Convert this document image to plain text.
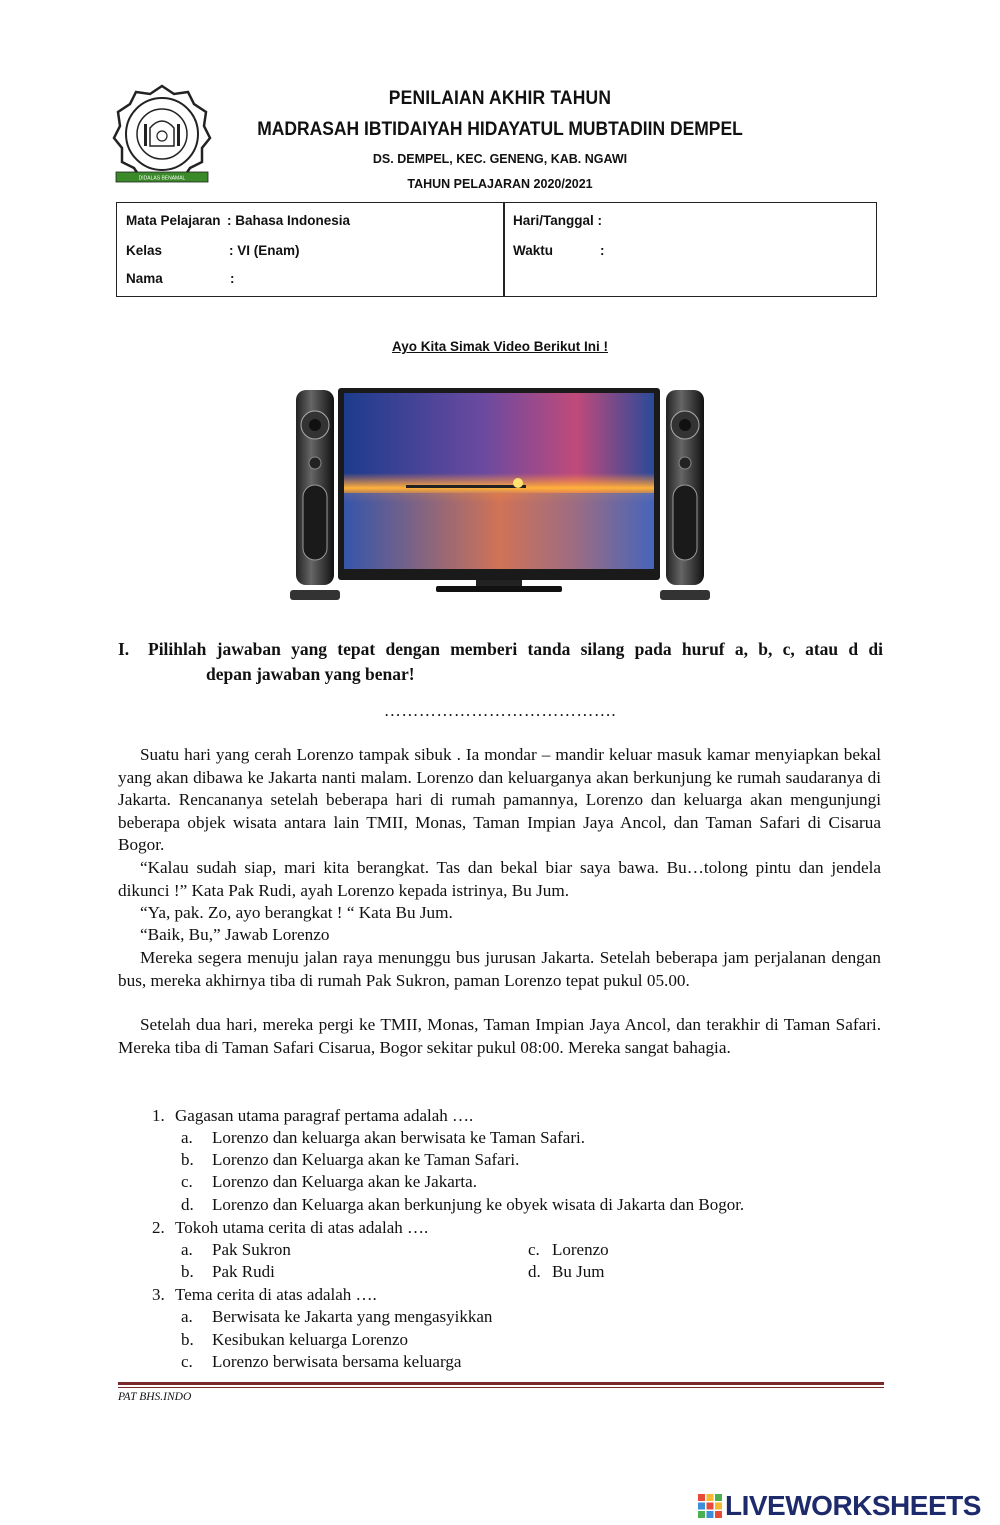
DIDALAS BENAMAL
PENILAIAN AKHIR TAHUN
MADRASAH IBTIDAIYAH HIDAYATUL MUBTADIIN DEMPEL
DS. DEMPEL, KEC. GENENG, KAB. NGAWI
TAHUN PELAJARAN 2020/2021
Mata Pelajaran : Bahasa Indonesia
Kelas	: VI (Enam)
Nama	:
Hari/Tanggal :
Waktu	:
Ayo Kita Simak Video Berikut Ini !
I. Pilihlah jawaban yang tepat dengan memberi tanda silang pada huruf a, b, c, atau d di
depan jawaban yang benar!
………………………………….
Suatu hari yang cerah Lorenzo tampak sibuk . Ia mondar – mandir keluar masuk kamar menyiapkan bekal yang akan dibawa ke Jakarta nanti malam. Lorenzo dan keluarganya akan berkunjung ke rumah saudaranya di Jakarta. Rencananya setelah beberapa hari di rumah pamannya, Lorenzo dan keluarga akan mengunjungi beberapa objek wisata antara lain TMII, Monas, Taman Impian Jaya Ancol, dan Taman Safari di Cisarua Bogor.
“Kalau sudah siap, mari kita berangkat. Tas dan bekal biar saya bawa. Bu…tolong pintu dan jendela dikunci !” Kata Pak Rudi, ayah Lorenzo kepada istrinya, Bu Jum.
“Ya, pak. Zo, ayo berangkat ! “ Kata Bu Jum.
“Baik, Bu,” Jawab Lorenzo
Mereka segera menuju jalan raya menunggu bus jurusan Jakarta. Setelah beberapa jam perjalanan dengan bus, mereka akhirnya tiba di rumah Pak Sukron, paman Lorenzo tepat pukul 05.00.
Setelah dua hari, mereka pergi ke TMII, Monas, Taman Impian Jaya Ancol, dan terakhir di Taman Safari. Mereka tiba di Taman Safari Cisarua, Bogor sekitar pukul 08:00. Mereka sangat bahagia.
1. Gagasan utama paragraf pertama adalah ….
a. Lorenzo dan keluarga akan berwisata ke Taman Safari.
b. Lorenzo dan Keluarga akan ke Taman Safari.
c. Lorenzo dan Keluarga akan ke Jakarta.
d. Lorenzo dan Keluarga akan berkunjung ke obyek wisata di Jakarta dan Bogor.
2. Tokoh utama cerita di atas adalah ….
a. Pak Sukron
b. Pak Rudi
c. Lorenzo
d. Bu Jum
3. Tema cerita di atas adalah ….
a. Berwisata ke Jakarta yang mengasyikkan
b. Kesibukan keluarga Lorenzo
c. Lorenzo berwisata bersama keluarga
PAT BHS.INDO
LIVEWORKSHEETS
